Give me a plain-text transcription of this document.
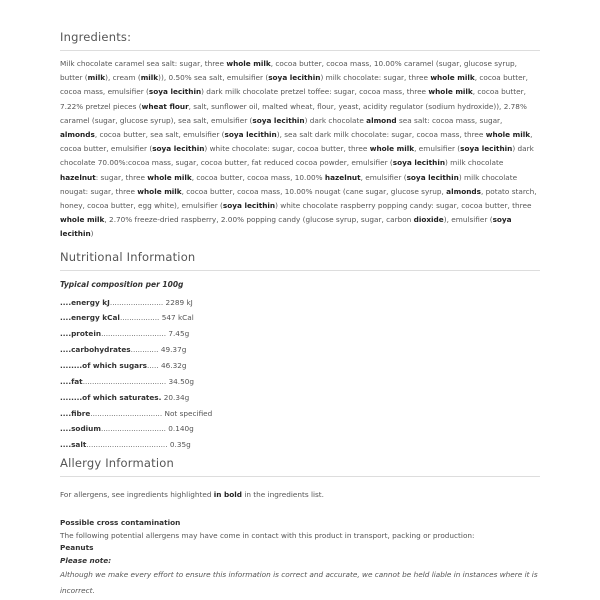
Ingredients:

Milk chocolate caramel sea salt: sugar, three whole milk, cocoa butter, cocoa mass, 10.00% caramel (sugar, glucose syrup, butter (milk), cream (milk)), 0.50% sea salt, emulsifier (soya lecithin) milk chocolate: sugar, three whole milk, cocoa butter, cocoa mass, emulsifier (soya lecithin) dark milk chocolate pretzel toffee: sugar, cocoa mass, three whole milk, cocoa butter, 7.22% pretzel pieces (wheat flour, salt, sunflower oil, malted wheat, flour, yeast, acidity regulator (sodium hydroxide)), 2.78% caramel (sugar, glucose syrup), sea salt, emulsifier (soya lecithin) dark chocolate almond sea salt: cocoa mass, sugar, almonds, cocoa butter, sea salt, emulsifier (soya lecithin), sea salt dark milk chocolate: sugar, cocoa mass, three whole milk, cocoa butter, emulsifier (soya lecithin) white chocolate: sugar, cocoa butter, three whole milk, emulsifier (soya lecithin) dark chocolate 70.00%:cocoa mass, sugar, cocoa butter, fat reduced cocoa powder, emulsifier (soya lecithin) milk chocolate hazelnut: sugar, three whole milk, cocoa butter, cocoa mass, 10.00% hazelnut, emulsifier (soya lecithin) milk chocolate nougat: sugar, three whole milk, cocoa butter, cocoa mass, 10.00% nougat (cane sugar, glucose syrup, almonds, potato starch, honey, cocoa butter, egg white), emulsifier (soya lecithin) white chocolate raspberry popping candy: sugar, cocoa butter, three whole milk, 2.70% freeze-dried raspberry, 2.00% popping candy (glucose syrup, sugar, carbon dioxide), emulsifier (soya lecithin)

Nutritional Information
Typical composition per 100g
....energy kJ....................... 2289 kJ
....energy kCal................. 547 kCal
....protein............................ 7.45g
....carbohydrates............ 49.37g
........of which sugars..... 46.32g
....fat.................................... 34.50g
........of which saturates. 20.34g
....fibre............................... Not specified
....sodium............................ 0.140g
....salt................................... 0.35g
Allergy Information

For allergens, see ingredients highlighted in bold in the ingredients list.

Possible cross contamination

The following potential allergens may have come in contact with this product in transport, packing or production:

Peanuts

Please note:

Although we make every effort to ensure this information is correct and accurate, we cannot be held liable in instances where it is incorrect.
